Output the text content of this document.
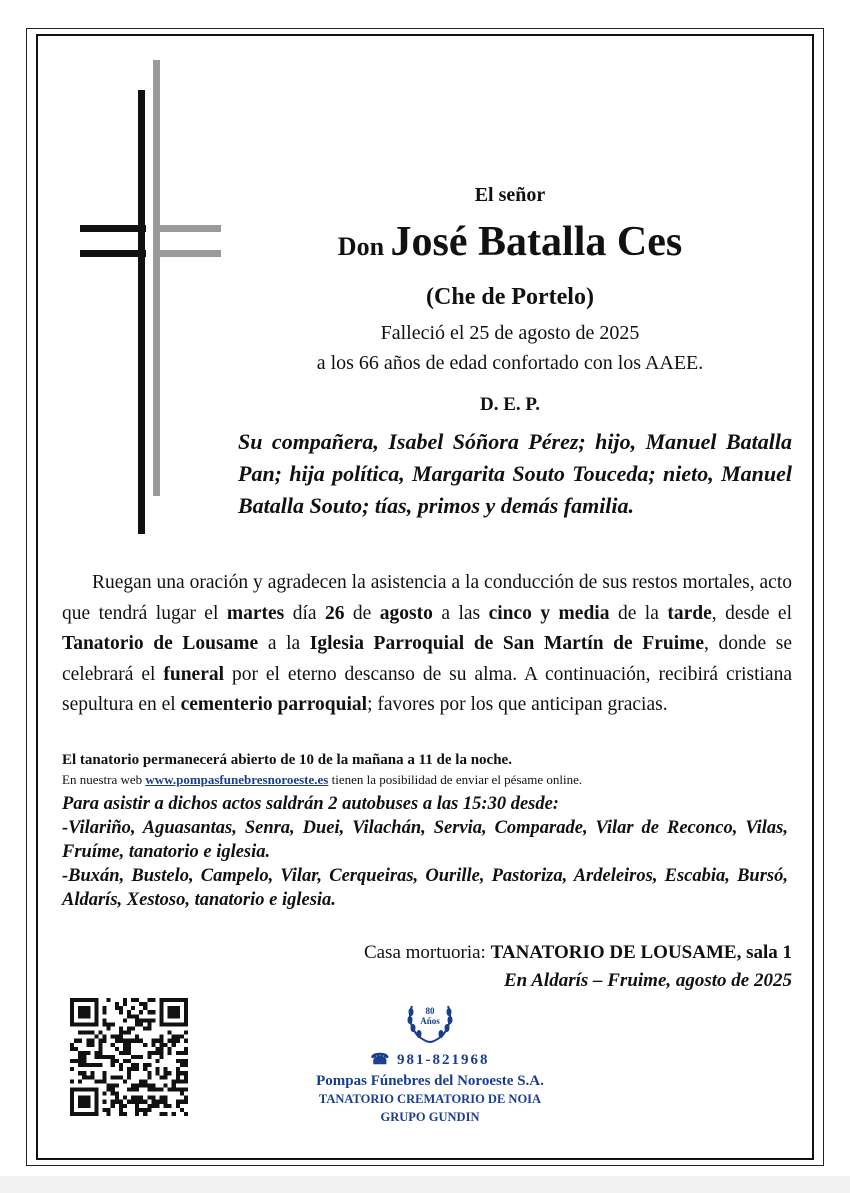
El señor
Don José Batalla Ces
(Che de Portelo)
Falleció el 25 de agosto de 2025
a los 66 años de edad confortado con los AAEE.
D. E. P.
Su compañera, Isabel Sóñora Pérez; hijo, Manuel Batalla Pan; hija política, Margarita Souto Touceda; nieto, Manuel Batalla Souto; tías, primos y demás familia.
Ruegan una oración y agradecen la asistencia a la conducción de sus restos mortales, acto que tendrá lugar el martes día 26 de agosto a las cinco y media de la tarde, desde el Tanatorio de Lousame a la Iglesia Parroquial de San Martín de Fruime, donde se celebrará el funeral por el eterno descanso de su alma. A continuación, recibirá cristiana sepultura en el cementerio parroquial; favores por los que anticipan gracias.
El tanatorio permanecerá abierto de 10 de la mañana a 11 de la noche.
En nuestra web www.pompasfunebresnoroeste.es tienen la posibilidad de enviar el pésame online.

Para asistir a dichos actos saldrán 2 autobuses a las 15:30 desde:

-Vilariño, Aguasantas, Senra, Duei, Vilachán, Servia, Comparade, Vilar de Reconco, Vilas, Fruíme, tanatorio e iglesia.

-Buxán, Bustelo, Campelo, Vilar, Cerqueiras, Ourille, Pastoriza, Ardeleiros, Escabia, Bursó, Aldarís, Xestoso, tanatorio e iglesia.

Casa mortuoria: TANATORIO DE LOUSAME, sala 1
En Aldarís – Fruime, agosto de 2025
80
Años
☎ 981-821968
Pompas Fúnebres del Noroeste S.A.
TANATORIO CREMATORIO DE NOIA
GRUPO GUNDIN
